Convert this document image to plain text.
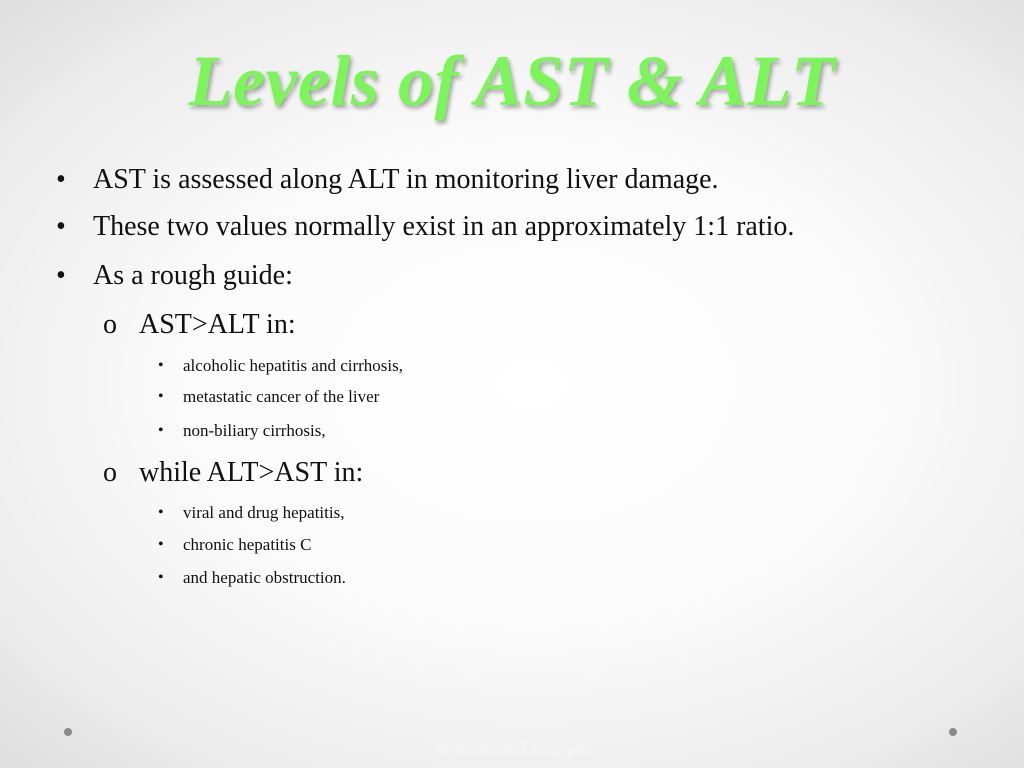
Levels of AST & ALT
• AST is assessed along ALT in monitoring liver damage.
• These two values normally exist in an approximately 1:1 ratio.
• As a rough guide:
o AST>ALT in:
• alcoholic hepatitis and cirrhosis,
• metastatic cancer of the liver
• non-biliary cirrhosis,
o while ALT>AST in:
• viral and drug hepatitis,
• chronic hepatitis C
• and hepatic obstruction.
Mohammed Laqqan
